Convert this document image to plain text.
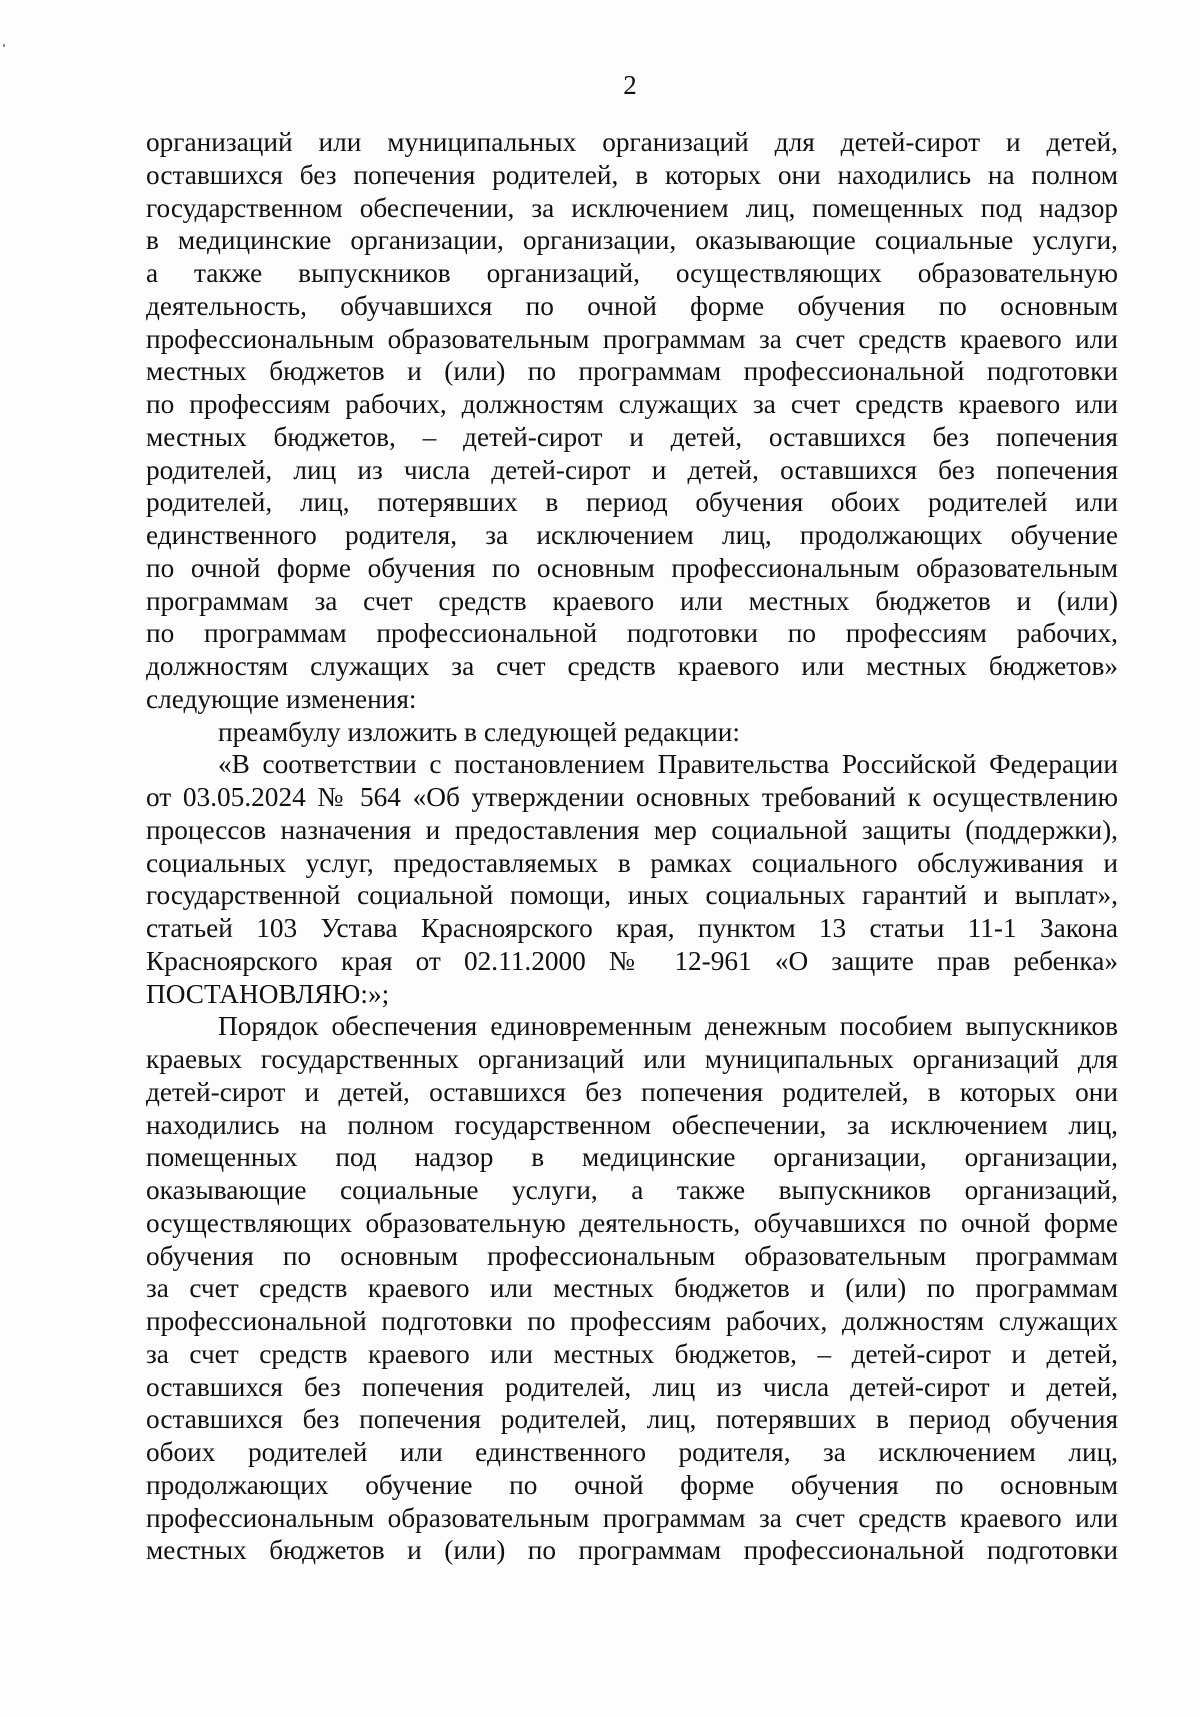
2

организаций или муниципальных организаций для детей-сирот и детей,
оставшихся без попечения родителей, в которых они находились на полном
государственном обеспечении, за исключением лиц, помещенных под надзор
в медицинские организации, организации, оказывающие социальные услуги,
а также выпускников организаций, осуществляющих образовательную
деятельность, обучавшихся по очной форме обучения по основным
профессиональным образовательным программам за счет средств краевого или
местных бюджетов и (или) по программам профессиональной подготовки
по профессиям рабочих, должностям служащих за счет средств краевого или
местных бюджетов, – детей-сирот и детей, оставшихся без попечения
родителей, лиц из числа детей-сирот и детей, оставшихся без попечения
родителей, лиц, потерявших в период обучения обоих родителей или
единственного родителя, за исключением лиц, продолжающих обучение
по очной форме обучения по основным профессиональным образовательным
программам за счет средств краевого или местных бюджетов и (или)
по программам профессиональной подготовки по профессиям рабочих,
должностям служащих за счет средств краевого или местных бюджетов»
следующие изменения:
преамбулу изложить в следующей редакции:
«В соответствии с постановлением Правительства Российской Федерации
от 03.05.2024 № 564 «Об утверждении основных требований к осуществлению
процессов назначения и предоставления мер социальной защиты (поддержки),
социальных услуг, предоставляемых в рамках социального обслуживания и
государственной социальной помощи, иных социальных гарантий и выплат»,
статьей 103 Устава Красноярского края, пунктом 13 статьи 11-1 Закона
Красноярского края от 02.11.2000 № 12-961 «О защите прав ребенка»
ПОСТАНОВЛЯЮ:»;
Порядок обеспечения единовременным денежным пособием выпускников
краевых государственных организаций или муниципальных организаций для
детей-сирот и детей, оставшихся без попечения родителей, в которых они
находились на полном государственном обеспечении, за исключением лиц,
помещенных под надзор в медицинские организации, организации,
оказывающие социальные услуги, а также выпускников организаций,
осуществляющих образовательную деятельность, обучавшихся по очной форме
обучения по основным профессиональным образовательным программам
за счет средств краевого или местных бюджетов и (или) по программам
профессиональной подготовки по профессиям рабочих, должностям служащих
за счет средств краевого или местных бюджетов, – детей-сирот и детей,
оставшихся без попечения родителей, лиц из числа детей-сирот и детей,
оставшихся без попечения родителей, лиц, потерявших в период обучения
обоих родителей или единственного родителя, за исключением лиц,
продолжающих обучение по очной форме обучения по основным
профессиональным образовательным программам за счет средств краевого или
местных бюджетов и (или) по программам профессиональной подготовки
